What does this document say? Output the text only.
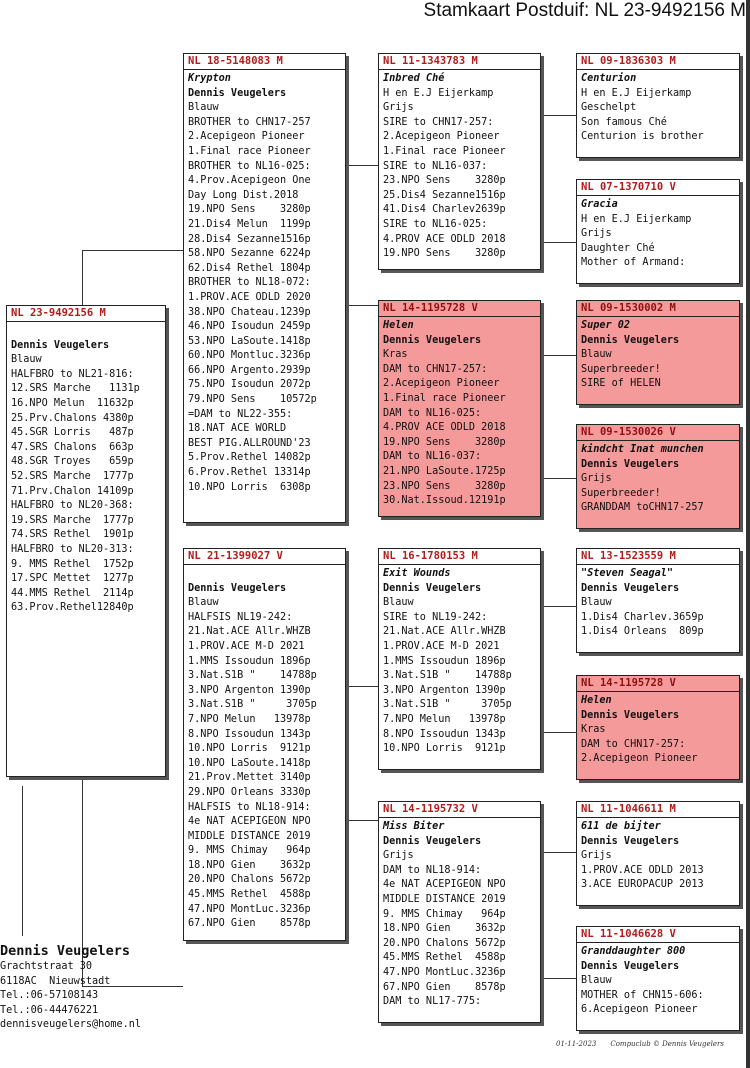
Stamkaart Postduif: NL 23-9492156 M
NL 23-9492156 M
Dennis Veugelers
Blauw
HALFBRO to NL21-816:
12.SRS Marche   1131p
16.NPO Melun  11632p
25.Prv.Chalons 4380p
45.SGR Lorris   487p
47.SRS Chalons  663p
48.SGR Troyes   659p
52.SRS Marche  1777p
71.Prv.Chalon 14109p
HALFBRO to NL20-368:
19.SRS Marche  1777p
74.SRS Rethel  1901p
HALFBRO to NL20-313:
9. MMS Rethel  1752p
17.SPC Mettet  1277p
44.MMS Rethel  2114p
63.Prov.Rethel12840p
NL 18-5148083 M
Krypton
Dennis Veugelers
Blauw
BROTHER to CHN17-257
2.Acepigeon Pioneer
1.Final race Pioneer
BROTHER to NL16-025:
4.Prov.Acepigeon One
Day Long Dist.2018
19.NPO Sens    3280p
21.Dis4 Melun  1199p
28.Dis4 Sezanne1516p
58.NPO Sezanne 6224p
62.Dis4 Rethel 1804p
BROTHER to NL18-072:
1.PROV.ACE ODLD 2020
38.NPO Chateau.1239p
46.NPO Isoudun 2459p
53.NPO LaSoute.1418p
60.NPO Montluc.3236p
66.NPO Argento.2939p
75.NPO Isoudun 2072p
79.NPO Sens    10572p
=DAM to NL22-355:
18.NAT ACE WORLD
BEST PIG.ALLROUND'23
5.Prov.Rethel 14082p
6.Prov.Rethel 13314p
10.NPO Lorris  6308p
NL 21-1399027 V
Dennis Veugelers
Blauw
HALFSIS NL19-242:
21.Nat.ACE Allr.WHZB
1.PROV.ACE M-D 2021
1.MMS Issoudun 1896p
3.Nat.S1B "    14788p
3.NPO Argenton 1390p
3.Nat.S1B "     3705p
7.NPO Melun   13978p
8.NPO Issoudun 1343p
10.NPO Lorris  9121p
10.NPO LaSoute.1418p
21.Prov.Mettet 3140p
29.NPO Orleans 3330p
HALFSIS to NL18-914:
4e NAT ACEPIGEON NPO
MIDDLE DISTANCE 2019
9. MMS Chimay   964p
18.NPO Gien    3632p
20.NPO Chalons 5672p
45.MMS Rethel  4588p
47.NPO MontLuc.3236p
67.NPO Gien    8578p
NL 11-1343783 M
Inbred Ché
H en E.J Eijerkamp
Grijs
SIRE to CHN17-257:
2.Acepigeon Pioneer
1.Final race Pioneer
SIRE to NL16-037:
23.NPO Sens    3280p
25.Dis4 Sezanne1516p
41.Dis4 Charlev2639p
SIRE to NL16-025:
4.PROV ACE ODLD 2018
19.NPO Sens    3280p
NL 14-1195728 V
Helen
Dennis Veugelers
Kras
DAM to CHN17-257:
2.Acepigeon Pioneer
1.Final race Pioneer
DAM to NL16-025:
4.PROV ACE ODLD 2018
19.NPO Sens    3280p
DAM to NL16-037:
21.NPO LaSoute.1725p
23.NPO Sens    3280p
30.Nat.Issoud.12191p
NL 16-1780153 M
Exit Wounds
Dennis Veugelers
Blauw
SIRE to NL19-242:
21.Nat.ACE Allr.WHZB
1.PROV.ACE M-D 2021
1.MMS Issoudun 1896p
3.Nat.S1B "    14788p
3.NPO Argenton 1390p
3.Nat.S1B "     3705p
7.NPO Melun   13978p
8.NPO Issoudun 1343p
10.NPO Lorris  9121p
NL 14-1195732 V
Miss Biter
Dennis Veugelers
Grijs
DAM to NL18-914:
4e NAT ACEPIGEON NPO
MIDDLE DISTANCE 2019
9. MMS Chimay   964p
18.NPO Gien    3632p
20.NPO Chalons 5672p
45.MMS Rethel  4588p
47.NPO MontLuc.3236p
67.NPO Gien    8578p
DAM to NL17-775:
NL 09-1836303 M
Centurion
H en E.J Eijerkamp
Geschelpt
Son famous Ché
Centurion is brother
NL 07-1370710 V
Gracia
H en E.J Eijerkamp
Grijs
Daughter Ché
Mother of Armand:
NL 09-1530002 M
Super 02
Dennis Veugelers
Blauw
Superbreeder!
SIRE of HELEN
NL 09-1530026 V
kindcht Inat munchen
Dennis Veugelers
Grijs
Superbreeder!
GRANDDAM toCHN17-257
NL 13-1523559 M
"Steven Seagal"
Dennis Veugelers
Blauw
1.Dis4 Charlev.3659p
1.Dis4 Orleans  809p
NL 14-1195728 V
Helen
Dennis Veugelers
Kras
DAM to CHN17-257:
2.Acepigeon Pioneer
NL 11-1046611 M
611 de bijter
Dennis Veugelers
Grijs
1.PROV.ACE ODLD 2013
3.ACE EUROPACUP 2013
NL 11-1046628 V
Granddaughter 800
Dennis Veugelers
Blauw
MOTHER of CHN15-606:
6.Acepigeon Pioneer
Dennis Veugelers
Grachtstraat 30
6118AC  Nieuwstadt
Tel.:06-57108143
Tel.:06-44476221
dennisveugelers@home.nl
01-11-2023 Compuclub © Dennis Veugelers
